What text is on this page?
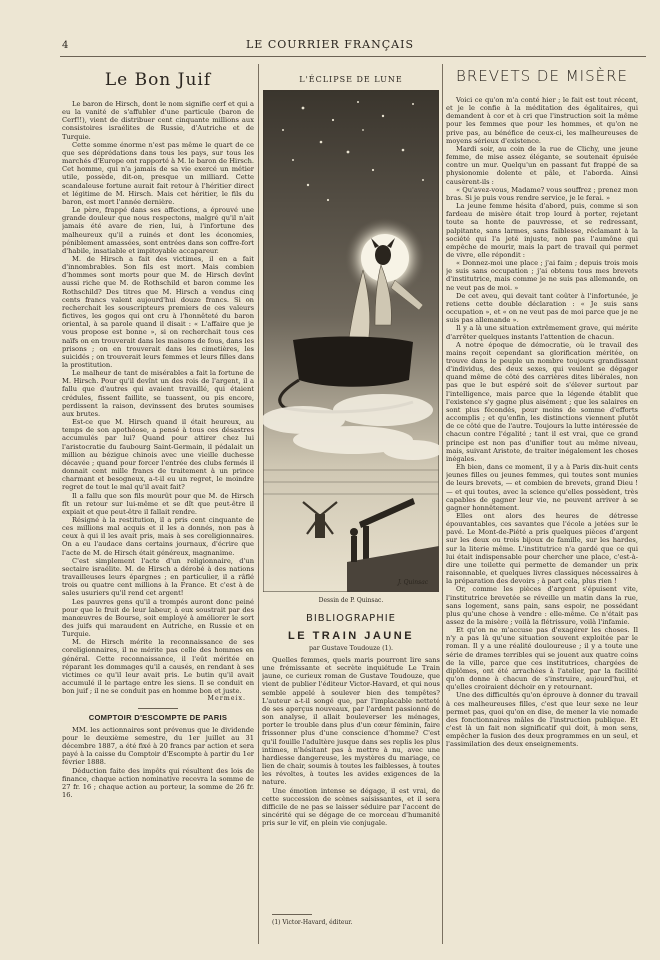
4	LE COURRIER FRANÇAIS
Le Bon Juif

Le baron de Hirsch, dont le nom signifie cerf et qui a eu la vanité de s'affubler d'une particule (baron de Cerf!!), vient de distribuer cent cinquante millions aux consistoires israélites de Russie, d'Autriche et de Turquie.

Cette somme énorme n'est pas même le quart de ce que ses déprédations dans tous les pays, sur tous les marchés d'Europe ont rapporté à M. le baron de Hirsch. Cet homme, qui n'a jamais de sa vie exercé un métier utile, possède, dit-on, presque un milliard. Cette scandaleuse fortune aurait fait retour à l'héritier direct et légitime de M. Hirsch. Mais cet héritier, le fils du baron, est mort l'année dernière.

Le père, frappé dans ses affections, a éprouvé une grande douleur que nous respectons, malgré qu'il n'ait jamais été avare de rien, lui, à l'infortune des malheureux qu'il a ruinés et dont les économies, péniblement amassées, sont entrées dans son coffre-fort d'habile, insatiable et impitoyable accapareur.

M. de Hirsch a fait des victimes, il en a fait d'innombrables. Son fils est mort. Mais combien d'hommes sont morts pour que M. de Hirsch devînt aussi riche que M. de Rothschild et baron comme les Rothschild? Des titres que M. Hirsch a vendus cinq cents francs valent aujourd'hui douze francs. Si on recherchait les souscripteurs premiers de ces valeurs fictives, les gogos qui ont cru à l'honnêteté du baron oriental, à sa parole quand il disait : « L'affaire que je vous propose est bonne », si on recherchait tous ces naïfs on en trouverait dans les maisons de fous, dans les prisons ; on en trouverait dans les cimetières, les suicidés ; on trouverait leurs femmes et leurs filles dans la prostitution.

Le malheur de tant de misérables a fait la fortune de M. Hirsch. Pour qu'il devînt un des rois de l'argent, il a fallu que d'autres qui avaient travaillé, qui étaient crédules, fissent faillite, se tuassent, ou pis encore, perdissent la raison, devinssent des brutes soumises aux brutes.

Est-ce que M. Hirsch quand il était heureux, au temps de son apothéose, a pensé à tous ces désastres accumulés par lui? Quand pour attirer chez lui l'aristocratie du faubourg Saint-Germain, il pédalait un million au bézigue chinois avec une vieille duchesse décavée ; quand pour forcer l'entrée des clubs fermés il donnait cent mille francs de traitement à un prince charmant et besogneux, a-t-il eu un regret, le moindre regret de tout le mal qu'il avait fait?

Il a fallu que son fils mourût pour que M. de Hirsch fît un retour sur lui-même et se dît que peut-être il expiait et que peut-être il fallait rendre.

Résigné à la restitution, il a pris cent cinquante de ces millions mal acquis et il les a donnés, non pas à ceux à qui il les avait pris, mais à ses coreligionnaires. On a eu l'audace dans certains journaux, d'écrire que l'acte de M. de Hirsch était généreux, magnanime.

C'est simplement l'acte d'un religionnaire, d'un sectaire israélite. M. de Hirsch a dérobé à des nations travailleuses leurs épargnes ; en particulier, il a râflé trois ou quatre cent millions à la France. Et c'est à de sales usuriers qu'il rend cet argent!

Les pauvres gens qu'il a trompés auront donc peiné pour que le fruit de leur labeur, à eux soustrait par des manœuvres de Bourse, soit employé à améliorer le sort des juifs qui maraudent en Autriche, en Russie et en Turquie.

M. de Hirsch mérite la reconnaissance de ses coreligionnaires, il ne mérite pas celle des hommes en général. Cette reconnaissance, il l'eût méritée en réparant les dommages qu'il a causés, en rendant à ses victimes ce qu'il leur avait pris. Le butin qu'il avait accumulé il le partage entre les siens. Il se conduit en bon juif ; il ne se conduit pas en homme bon et juste.

Mermeix.
COMPTOIR D'ESCOMPTE DE PARIS

MM. les actionnaires sont prévenus que le dividende pour le deuxième semestre, du 1er juillet au 31 décembre 1887, a été fixé à 20 francs par action et sera payé à la caisse du Comptoir d'Escompte à partir du 1er février 1888.

Déduction faite des impôts qui résultent des lois de finance, chaque action nominative recevra la somme de 27 fr. 16 ; chaque action au porteur, la somme de 26 fr. 16.

L'ÉCLIPSE DE LUNE
J. Quinsac
Dessin de P. Quinsac.
BIBLIOGRAPHIE
LE TRAIN JAUNE
par Gustave Toudouze (1).

Quelles femmes, quels maris pourront lire sans une frémissante et secrète inquiétude Le Train jaune, ce curieux roman de Gustave Toudouze, que vient de publier l'éditeur Victor-Havard, et qui nous semble appelé à soulever bien des tempêtes? L'auteur a-t-il songé que, par l'implacable netteté de ses aperçus nouveaux, par l'ardent passionné de son analyse, il allait bouleverser les ménages, porter le trouble dans plus d'un cœur féminin, faire frissonner plus d'une conscience d'homme? C'est qu'il fouille l'adultère jusque dans ses replis les plus intimes, n'hésitant pas à mettre à nu, avec une hardiesse dangereuse, les mystères du mariage, ce lien de chair, soumis à toutes les faiblesses, à toutes les révoltes, à toutes les avides exigences de la nature.

Une émotion intense se dégage, il est vrai, de cette succession de scènes saisissantes, et il sera difficile de ne pas se laisser séduire par l'accent de sincérité qui se dégage de ce morceau d'humanité pris sur le vif, en plein vie conjugale.

(1) Victor-Havard, éditeur.
BREVETS DE MISÈRE

Voici ce qu'on m'a conté hier ; le fait est tout récent, et je le confie à la méditation des égalitaires, qui demandent à cor et à cri que l'instruction soit la même pour les femmes que pour les hommes, et qu'on ne prive pas, au bénéfice de ceux-ci, les malheureuses de moyens sérieux d'existence.

Mardi soir, au coin de la rue de Clichy, une jeune femme, de mise assez élégante, se soutenait épuisée contre un mur. Quelqu'un en passant fut frappé de sa physionomie dolente et pâle, et l'aborda. Ainsi causèrent-ils :

« Qu'avez-vous, Madame? vous souffrez ; prenez mon bras. Si je puis vous rendre service, je le ferai. »

La jeune femme hésita d'abord, puis, comme si son fardeau de misère était trop lourd à porter, rejetant toute sa honte de pauvresse, et se redressant, palpitante, sans larmes, sans faiblesse, réclamant à la société qui l'a jeté injuste, non pas l'aumône qui empêche de mourir, mais la part de travail qui permet de vivre, elle répondit :

« Donnez-moi une place ; j'ai faim ; depuis trois mois je suis sans occupation ; j'ai obtenu tous mes brevets d'institutrice, mais comme je ne suis pas allemande, on ne veut pas de moi. »

De cet aveu, qui devait tant coûter à l'infortunée, je retiens cette double déclaration : « Je suis sans occupation », et « on ne veut pas de moi parce que je ne suis pas allemande ».

Il y a là une situation extrêmement grave, qui mérite d'arrêter quelques instants l'attention de chacun.

A notre époque de démocratie, où le travail des mains reçoit cependant sa glorification méritée, on trouve dans le peuple un nombre toujours grandissant d'individus, des deux sexes, qui veulent se dégager quand même de côté des carrières dites libérales, non pas que le but espéré soit de s'élever surtout par l'intelligence, mais parce que la légende établit que l'existence s'y gagne plus aisément ; que les salaires en sont plus fécondés, pour moins de somme d'efforts accomplis ; et qu'enfin, les distinctions viennent plutôt de ce côté que de l'autre. Toujours la lutte intéressée de chacun contre l'égalité ; tant il est vrai, que ce grand principe est non pas d'unifier tout au même niveau, mais, suivant Aristote, de traiter inégalement les choses inégales.

Eh bien, dans ce moment, il y a à Paris dix-huit cents jeunes filles ou jeunes femmes, qui toutes sont munies de leurs brevets, — et combien de brevets, grand Dieu ! — et qui toutes, avec la science qu'elles possèdent, très capables de gagner leur vie, ne peuvent arriver à se gagner honnêtement.

Elles ont alors des heures de détresse épouvantables, ces savantes que l'école a jetées sur le pavé. Le Mont-de-Piété a pris quelques pièces d'argent sur les deux ou trois bijoux de famille, sur les hardes, sur la literie même. L'institutrice n'a gardé que ce qui lui était indispensable pour chercher une place, c'est-à-dire une toilette qui permette de demander un prix raisonnable, et quelques livres classiques nécessaires à la préparation des devoirs ; à part cela, plus rien !

Or, comme les pièces d'argent s'épuisent vite, l'institutrice brevetée se réveille un matin dans la rue, sans logement, sans pain, sans espoir, ne possédant plus qu'une chose à vendre : elle-même. Ce n'était pas assez de la misère ; voilà la flétrissure, voilà l'infamie.

Et qu'on ne m'accuse pas d'exagérer les choses. Il n'y a pas là qu'une situation souvent exploitée par le roman. Il y a une réalité douloureuse ; il y a toute une série de drames terribles qui se jouent aux quatre coins de la ville, parce que ces institutrices, chargées de diplômes, ont été arrachées à l'atelier, par la facilité qu'on donne à chacun de s'instruire, aujourd'hui, et qu'elles croiraient déchoir en y retournant.

Une des difficultés qu'on éprouve à donner du travail à ces malheureuses filles, c'est que leur sexe ne leur permet pas, quoi qu'on en dise, de mener la vie nomade des fonctionnaires mâles de l'instruction publique. Et c'est là un fait non significatif qui doit, à mon sens, empêcher la fusion des deux programmes en un seul, et l'assimilation des deux enseignements.
